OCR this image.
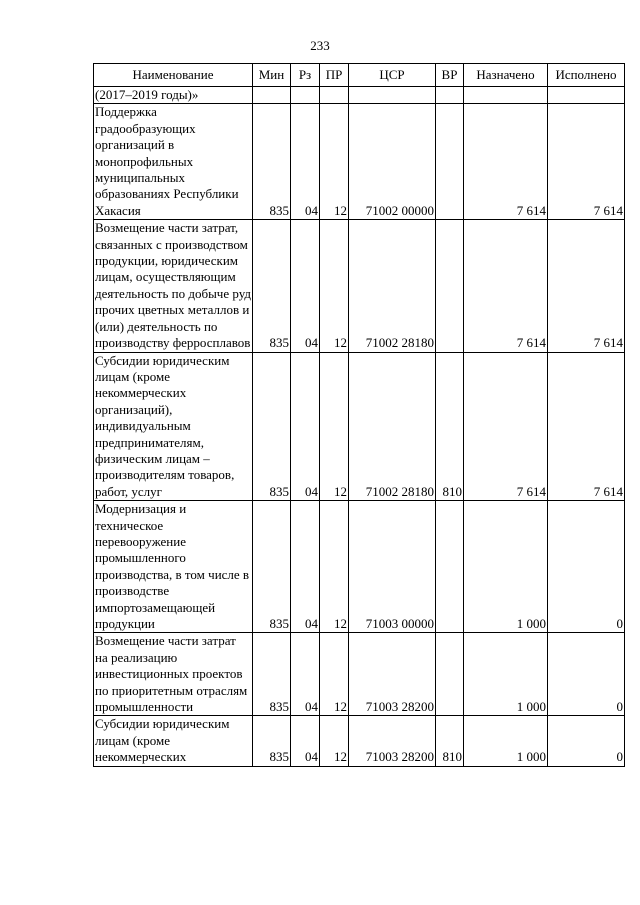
233
Наименование	Мин	Рз	ПР	ЦСР	ВР	Назначено	Исполнено
(2017–2019 годы)»							
Поддержка градообразующих организаций в монопрофильных муниципальных образованиях Республики Хакасия	835	04	12	71002 00000		7 614	7 614
Возмещение части затрат, связанных с производством продукции, юридическим лицам, осуществляющим деятельность по добыче руд прочих цветных металлов и (или) деятельность по производству ферросплавов	835	04	12	71002 28180		7 614	7 614
Субсидии юридическим лицам (кроме некоммерческих организаций), индивидуальным предпринимателям, физическим лицам – производителям товаров, работ, услуг	835	04	12	71002 28180	810	7 614	7 614
Модернизация и техническое перевооружение промышленного производства, в том числе в производстве импортозамещающей продукции	835	04	12	71003 00000		1 000	0
Возмещение части затрат на реализацию инвестиционных проектов по приоритетным отраслям промышленности	835	04	12	71003 28200		1 000	0
Субсидии юридическим лицам (кроме некоммерческих	835	04	12	71003 28200	810	1 000	0
